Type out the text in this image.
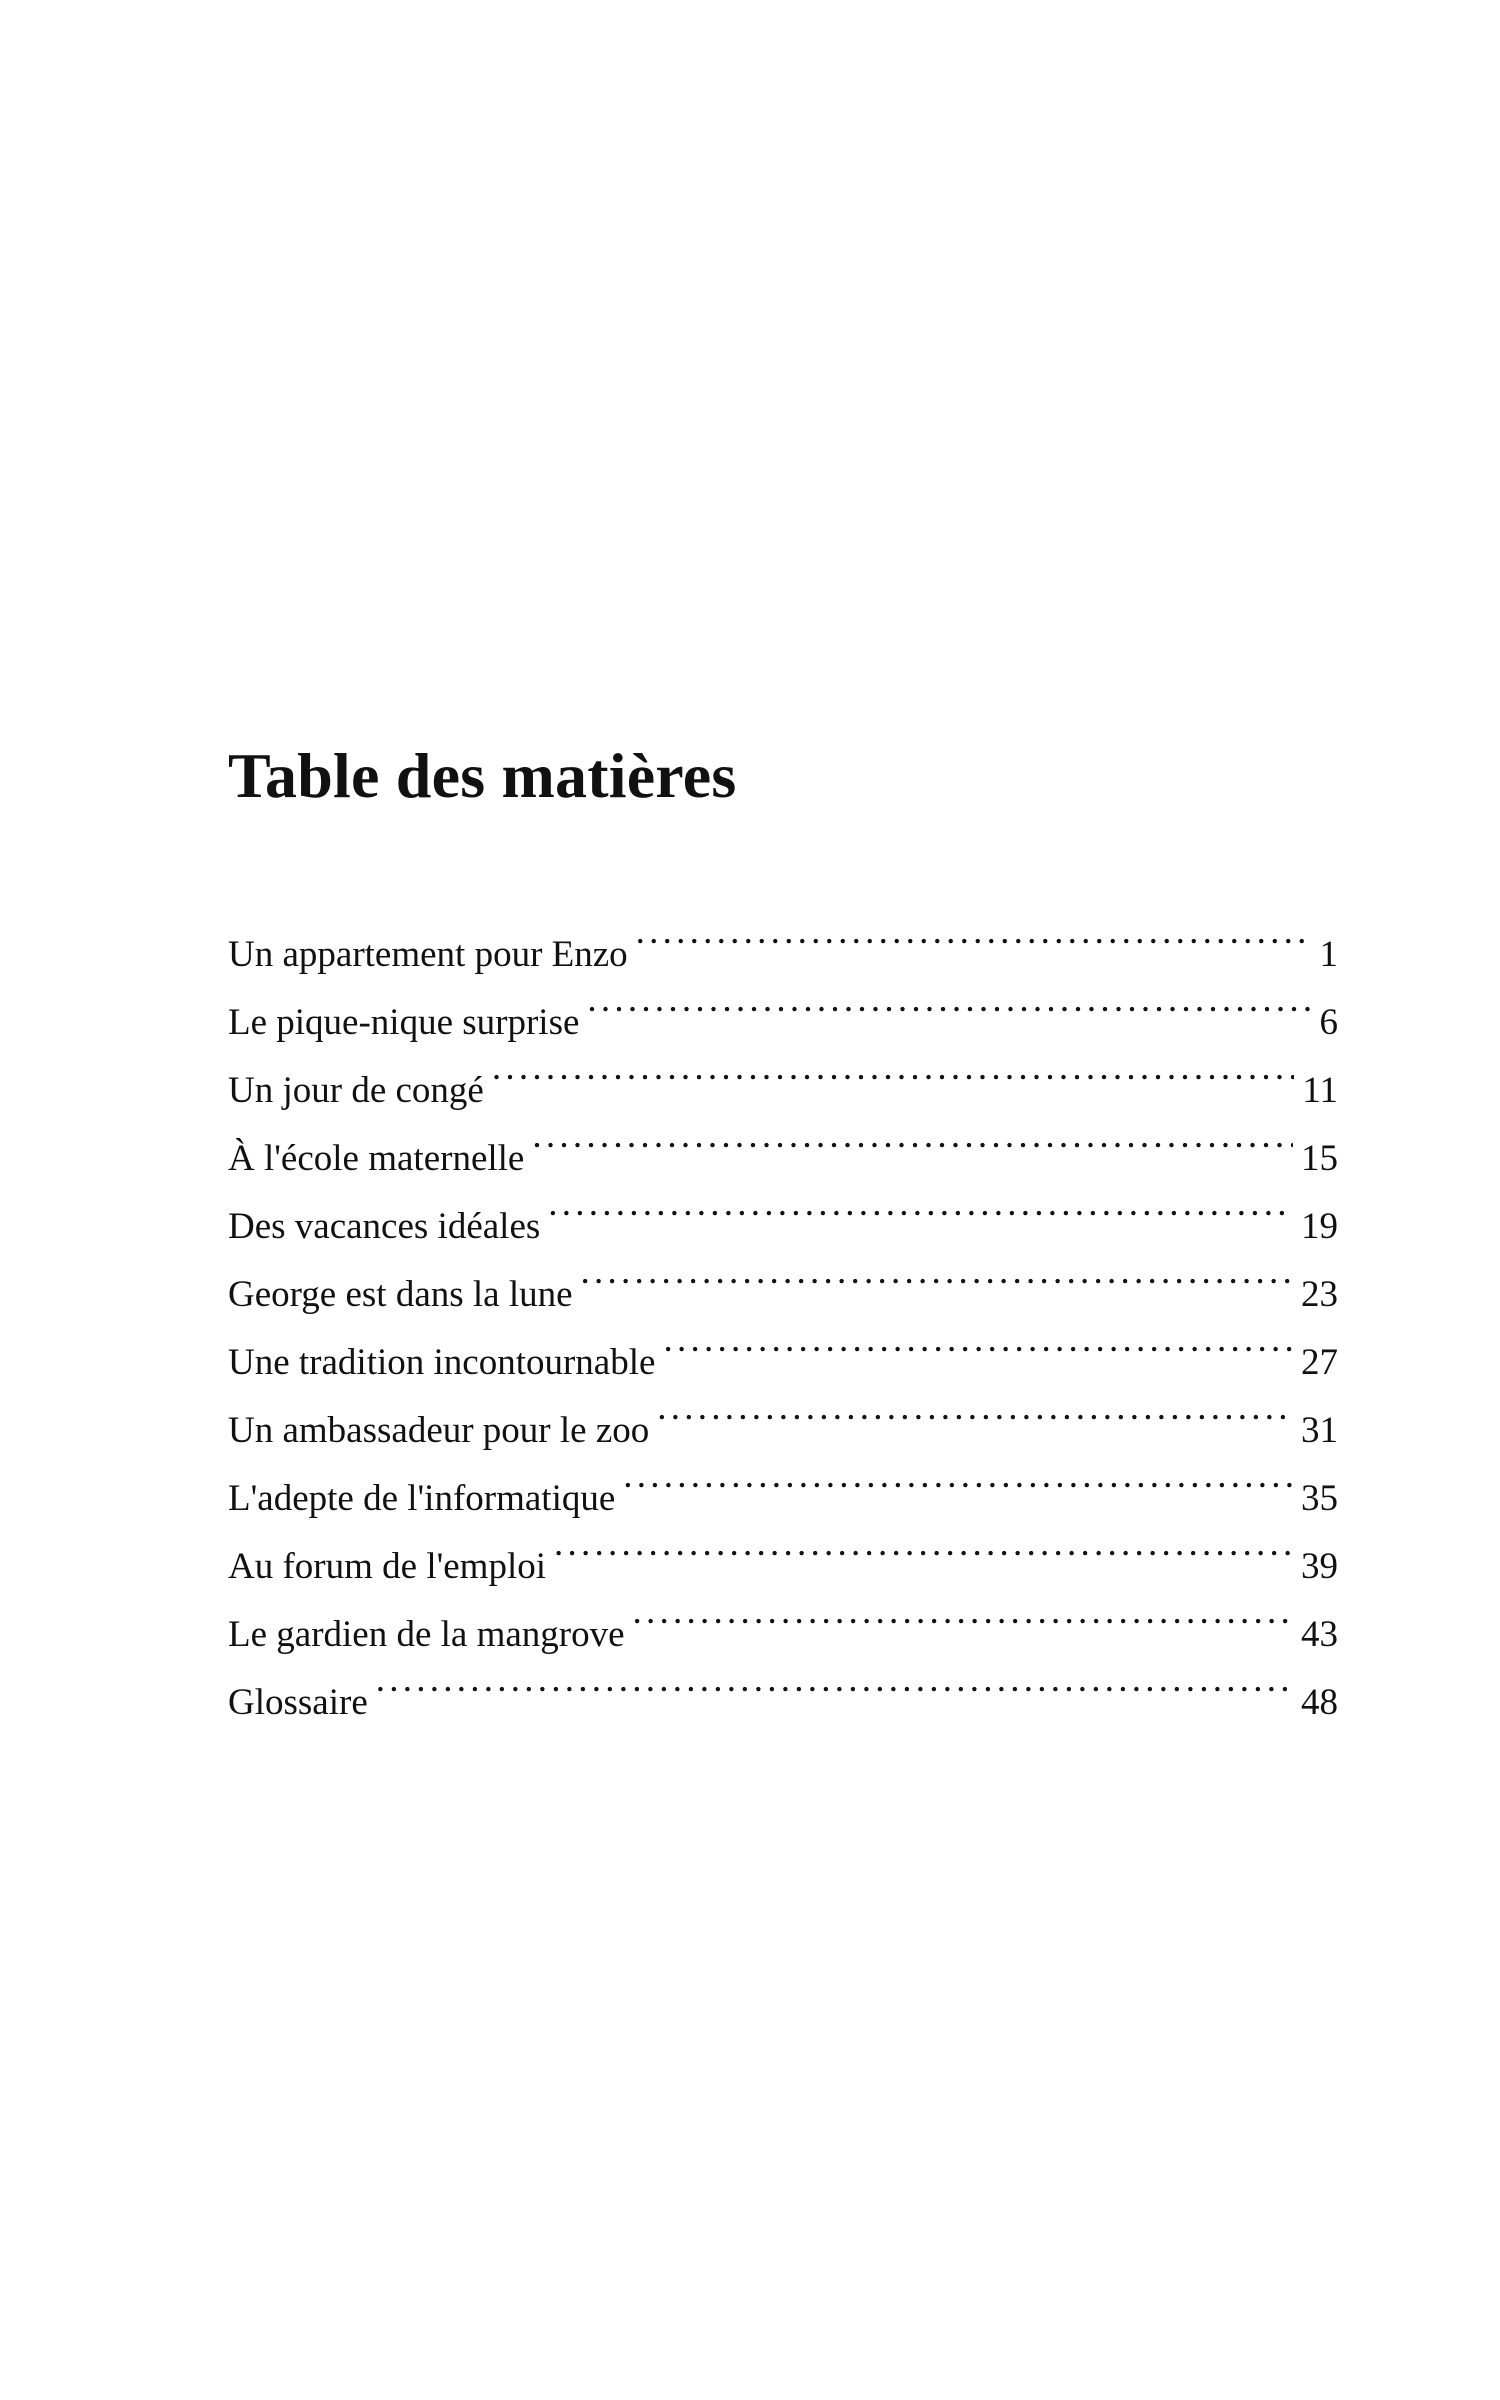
Table des matières
Un appartement pour Enzo . . .	1
Le pique-nique surprise . . .	6
Un jour de congé . . .	11
À l'école maternelle . . .	15
Des vacances idéales . . .	19
George est dans la lune . . .	23
Une tradition incontournable . . .	27
Un ambassadeur pour le zoo . . .	31
L'adepte de l'informatique . . .	35
Au forum de l'emploi . . .	39
Le gardien de la mangrove . . .	43
Glossaire . . .	48
